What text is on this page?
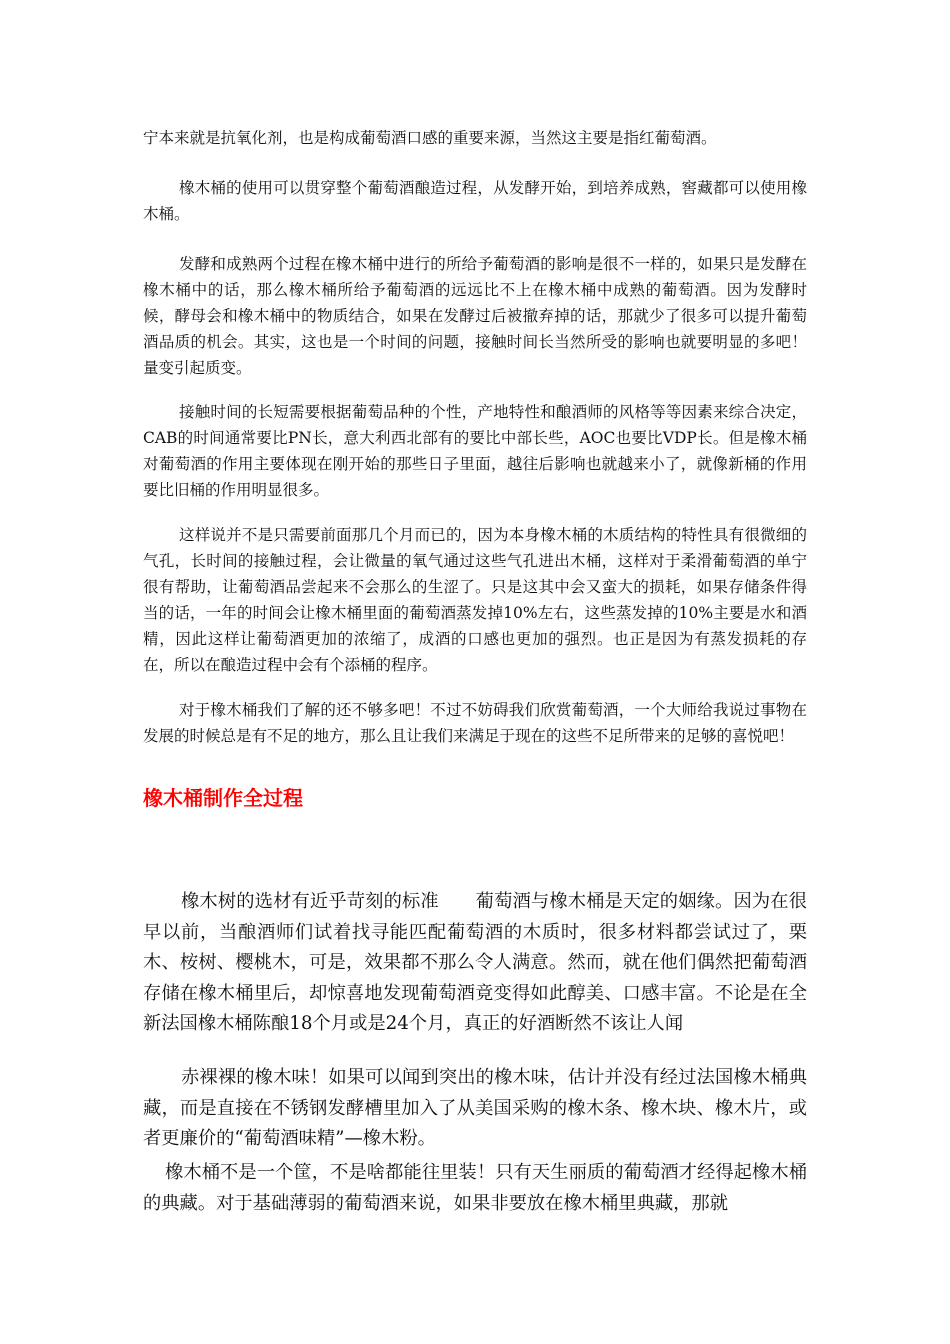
宁本来就是抗氧化剂，也是构成葡萄酒口感的重要来源，当然这主要是指红葡萄酒。

橡木桶的使用可以贯穿整个葡萄酒酿造过程，从发酵开始，到培养成熟，窖藏都可以使用橡木桶。

发酵和成熟两个过程在橡木桶中进行的所给予葡萄酒的影响是很不一样的，如果只是发酵在橡木桶中的话，那么橡木桶所给予葡萄酒的远远比不上在橡木桶中成熟的葡萄酒。因为发酵时候，酵母会和橡木桶中的物质结合，如果在发酵过后被撤弃掉的话，那就少了很多可以提升葡萄酒品质的机会。其实，这也是一个时间的问题，接触时间长当然所受的影响也就要明显的多吧！量变引起质变。

接触时间的长短需要根据葡萄品种的个性，产地特性和酿酒师的风格等等因素来综合决定，CAB的时间通常要比PN长，意大利西北部有的要比中部长些，AOC也要比VDP长。但是橡木桶对葡萄酒的作用主要体现在刚开始的那些日子里面，越往后影响也就越来小了，就像新桶的作用要比旧桶的作用明显很多。

这样说并不是只需要前面那几个月而已的，因为本身橡木桶的木质结构的特性具有很微细的气孔，长时间的接触过程，会让微量的氧气通过这些气孔进出木桶，这样对于柔滑葡萄酒的单宁很有帮助，让葡萄酒品尝起来不会那么的生涩了。只是这其中会又蛮大的损耗，如果存储条件得当的话，一年的时间会让橡木桶里面的葡萄酒蒸发掉10%左右，这些蒸发掉的10%主要是水和酒精，因此这样让葡萄酒更加的浓缩了，成酒的口感也更加的强烈。也正是因为有蒸发损耗的存在，所以在酿造过程中会有个添桶的程序。

对于橡木桶我们了解的还不够多吧！不过不妨碍我们欣赏葡萄酒，一个大师给我说过事物在发展的时候总是有不足的地方，那么且让我们来满足于现在的这些不足所带来的足够的喜悦吧！

橡木桶制作全过程

橡木树的选材有近乎苛刻的标准　　葡萄酒与橡木桶是天定的姻缘。因为在很早以前，当酿酒师们试着找寻能匹配葡萄酒的木质时，很多材料都尝试过了，栗木、桉树、樱桃木，可是，效果都不那么令人满意。然而，就在他们偶然把葡萄酒存储在橡木桶里后，却惊喜地发现葡萄酒竟变得如此醇美、口感丰富。不论是在全新法国橡木桶陈酿18个月或是24个月，真正的好酒断然不该让人闻

赤裸裸的橡木味！如果可以闻到突出的橡木味，估计并没有经过法国橡木桶典藏，而是直接在不锈钢发酵槽里加入了从美国采购的橡木条、橡木块、橡木片，或者更廉价的“葡萄酒味精”—橡木粉。

橡木桶不是一个筐，不是啥都能往里装！只有天生丽质的葡萄酒才经得起橡木桶的典藏。对于基础薄弱的葡萄酒来说，如果非要放在橡木桶里典藏，那就
